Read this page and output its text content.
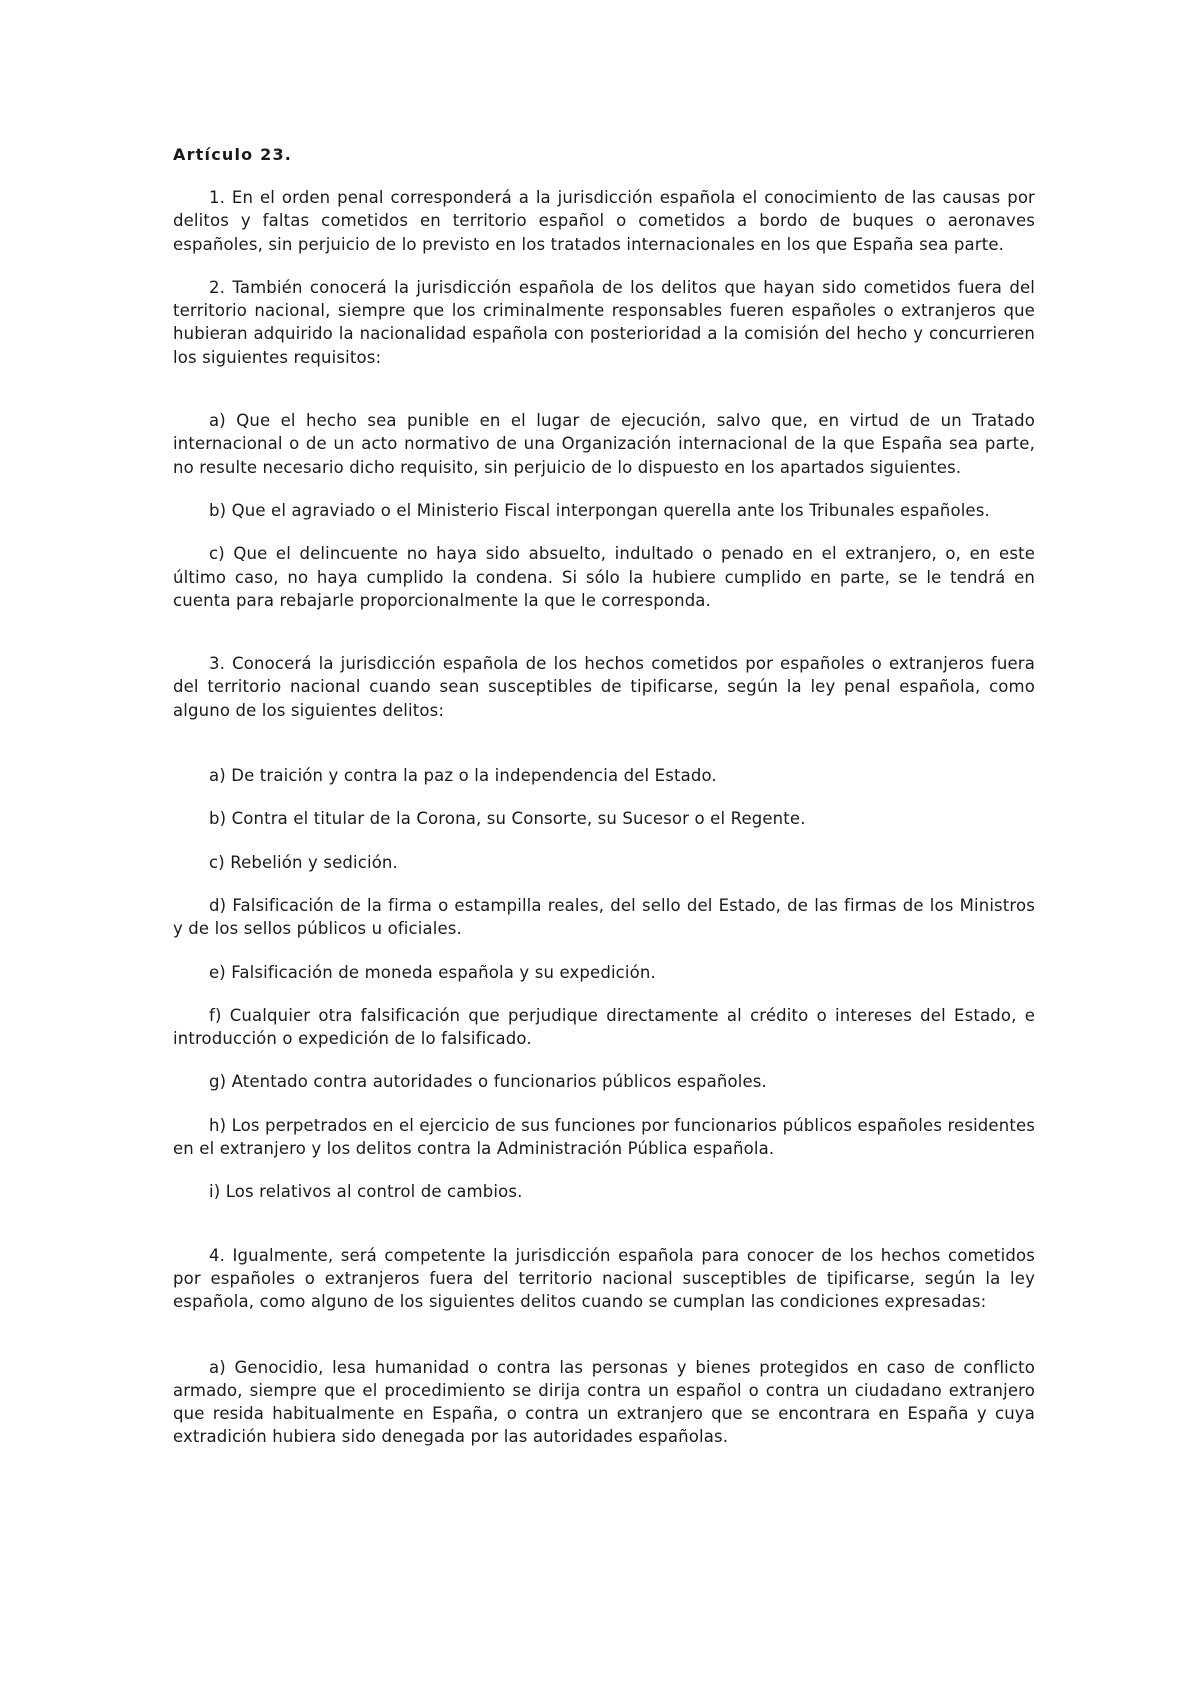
Artículo 23.

1. En el orden penal corresponderá a la jurisdicción española el conocimiento de las causas por delitos y faltas cometidos en territorio español o cometidos a bordo de buques o aeronaves españoles, sin perjuicio de lo previsto en los tratados internacionales en los que España sea parte.

2. También conocerá la jurisdicción española de los delitos que hayan sido cometidos fuera del territorio nacional, siempre que los criminalmente responsables fueren españoles o extranjeros que hubieran adquirido la nacionalidad española con posterioridad a la comisión del hecho y concurrieren los siguientes requisitos:

a) Que el hecho sea punible en el lugar de ejecución, salvo que, en virtud de un Tratado internacional o de un acto normativo de una Organización internacional de la que España sea parte, no resulte necesario dicho requisito, sin perjuicio de lo dispuesto en los apartados siguientes.

b) Que el agraviado o el Ministerio Fiscal interpongan querella ante los Tribunales españoles.

c) Que el delincuente no haya sido absuelto, indultado o penado en el extranjero, o, en este último caso, no haya cumplido la condena. Si sólo la hubiere cumplido en parte, se le tendrá en cuenta para rebajarle proporcionalmente la que le corresponda.

3. Conocerá la jurisdicción española de los hechos cometidos por españoles o extranjeros fuera del territorio nacional cuando sean susceptibles de tipificarse, según la ley penal española, como alguno de los siguientes delitos:

a) De traición y contra la paz o la independencia del Estado.

b) Contra el titular de la Corona, su Consorte, su Sucesor o el Regente.

c) Rebelión y sedición.

d) Falsificación de la firma o estampilla reales, del sello del Estado, de las firmas de los Ministros y de los sellos públicos u oficiales.

e) Falsificación de moneda española y su expedición.

f) Cualquier otra falsificación que perjudique directamente al crédito o intereses del Estado, e introducción o expedición de lo falsificado.

g) Atentado contra autoridades o funcionarios públicos españoles.

h) Los perpetrados en el ejercicio de sus funciones por funcionarios públicos españoles residentes en el extranjero y los delitos contra la Administración Pública española.

i) Los relativos al control de cambios.

4. Igualmente, será competente la jurisdicción española para conocer de los hechos cometidos por españoles o extranjeros fuera del territorio nacional susceptibles de tipificarse, según la ley española, como alguno de los siguientes delitos cuando se cumplan las condiciones expresadas:

a) Genocidio, lesa humanidad o contra las personas y bienes protegidos en caso de conflicto armado, siempre que el procedimiento se dirija contra un español o contra un ciudadano extranjero que resida habitualmente en España, o contra un extranjero que se encontrara en España y cuya extradición hubiera sido denegada por las autoridades españolas.
